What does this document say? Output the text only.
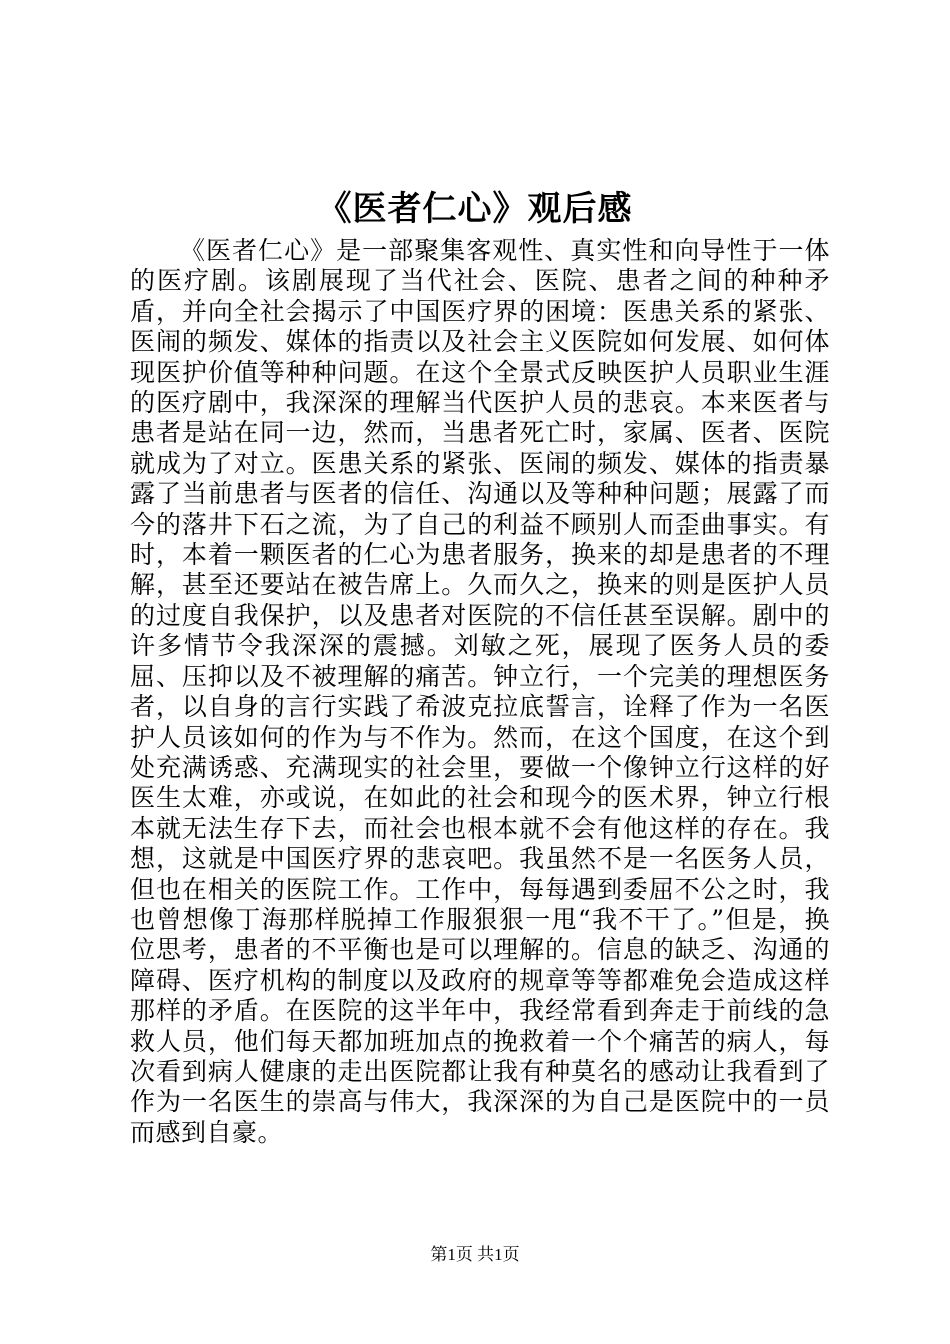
《医者仁心》观后感

《医者仁心》是一部聚集客观性、真实性和向导性于一体的医疗剧。该剧展现了当代社会、医院、患者之间的种种矛盾，并向全社会揭示了中国医疗界的困境：医患关系的紧张、医闹的频发、媒体的指责以及社会主义医院如何发展、如何体现医护价值等种种问题。在这个全景式反映医护人员职业生涯的医疗剧中，我深深的理解当代医护人员的悲哀。本来医者与患者是站在同一边，然而，当患者死亡时，家属、医者、医院就成为了对立。医患关系的紧张、医闹的频发、媒体的指责暴露了当前患者与医者的信任、沟通以及等种种问题；展露了而今的落井下石之流，为了自己的利益不顾别人而歪曲事实。有时，本着一颗医者的仁心为患者服务，换来的却是患者的不理解，甚至还要站在被告席上。久而久之，换来的则是医护人员的过度自我保护，以及患者对医院的不信任甚至误解。剧中的许多情节令我深深的震撼。刘敏之死，展现了医务人员的委屈、压抑以及不被理解的痛苦。钟立行，一个完美的理想医务者，以自身的言行实践了希波克拉底誓言，诠释了作为一名医护人员该如何的作为与不作为。然而，在这个国度，在这个到处充满诱惑、充满现实的社会里，要做一个像钟立行这样的好医生太难，亦或说，在如此的社会和现今的医术界，钟立行根本就无法生存下去，而社会也根本就不会有他这样的存在。我想，这就是中国医疗界的悲哀吧。我虽然不是一名医务人员，但也在相关的医院工作。工作中，每每遇到委屈不公之时，我也曾想像丁海那样脱掉工作服狠狠一甩“我不干了。”但是，换位思考，患者的不平衡也是可以理解的。信息的缺乏、沟通的障碍、医疗机构的制度以及政府的规章等等都难免会造成这样那样的矛盾。在医院的这半年中，我经常看到奔走于前线的急救人员，他们每天都加班加点的挽救着一个个痛苦的病人，每次看到病人健康的走出医院都让我有种莫名的感动让我看到了作为一名医生的崇高与伟大，我深深的为自己是医院中的一员而感到自豪。

第1页 共1页
